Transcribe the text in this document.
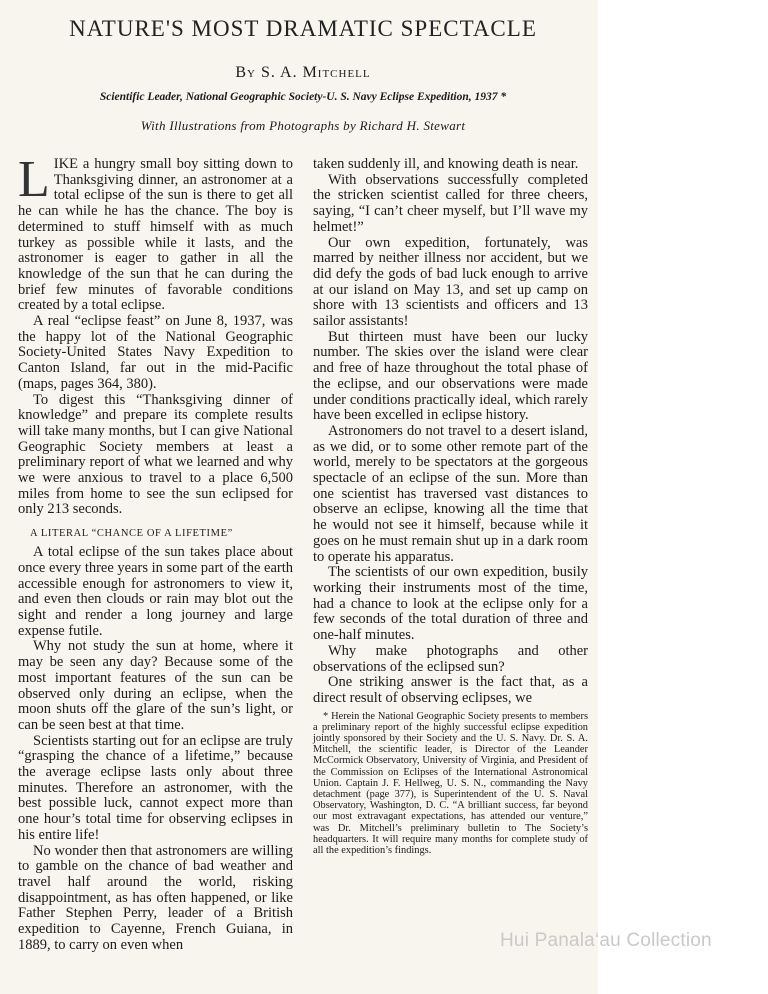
NATURE'S MOST DRAMATIC SPECTACLE
By S. A. Mitchell
Scientific Leader, National Geographic Society-U. S. Navy Eclipse Expedition, 1937 *
With Illustrations from Photographs by Richard H. Stewart

LIKE a hungry small boy sitting down to Thanksgiving dinner, an astronomer at a total eclipse of the sun is there to get all he can while he has the chance. The boy is determined to stuff himself with as much turkey as possible while it lasts, and the astronomer is eager to gather in all the knowledge of the sun that he can during the brief few minutes of favorable conditions created by a total eclipse.

A real “eclipse feast” on June 8, 1937, was the happy lot of the National Geographic Society-United States Navy Expedition to Canton Island, far out in the mid-Pacific (maps, pages 364, 380).

To digest this “Thanksgiving dinner of knowledge” and prepare its complete results will take many months, but I can give National Geographic Society members at least a preliminary report of what we learned and why we were anxious to travel to a place 6,500 miles from home to see the sun eclipsed for only 213 seconds.

A LITERAL “CHANCE OF A LIFETIME”

A total eclipse of the sun takes place about once every three years in some part of the earth accessible enough for astronomers to view it, and even then clouds or rain may blot out the sight and render a long journey and large expense futile.

Why not study the sun at home, where it may be seen any day? Because some of the most important features of the sun can be observed only during an eclipse, when the moon shuts off the glare of the sun’s light, or can be seen best at that time.

Scientists starting out for an eclipse are truly “grasping the chance of a lifetime,” because the average eclipse lasts only about three minutes. Therefore an astronomer, with the best possible luck, cannot expect more than one hour’s total time for observing eclipses in his entire life!

No wonder then that astronomers are willing to gamble on the chance of bad weather and travel half around the world, risking disappointment, as has often happened, or like Father Stephen Perry, leader of a British expedition to Cayenne, French Guiana, in 1889, to carry on even when

taken suddenly ill, and knowing death is near.

With observations successfully completed the stricken scientist called for three cheers, saying, “I can’t cheer myself, but I’ll wave my helmet!”

Our own expedition, fortunately, was marred by neither illness nor accident, but we did defy the gods of bad luck enough to arrive at our island on May 13, and set up camp on shore with 13 scientists and officers and 13 sailor assistants!

But thirteen must have been our lucky number. The skies over the island were clear and free of haze throughout the total phase of the eclipse, and our observations were made under conditions practically ideal, which rarely have been excelled in eclipse history.

Astronomers do not travel to a desert island, as we did, or to some other remote part of the world, merely to be spectators at the gorgeous spectacle of an eclipse of the sun. More than one scientist has traversed vast distances to observe an eclipse, knowing all the time that he would not see it himself, because while it goes on he must remain shut up in a dark room to operate his apparatus.

The scientists of our own expedition, busily working their instruments most of the time, had a chance to look at the eclipse only for a few seconds of the total duration of three and one-half minutes.

Why make photographs and other observations of the eclipsed sun?

One striking answer is the fact that, as a direct result of observing eclipses, we

* Herein the National Geographic Society presents to members a preliminary report of the highly successful eclipse expedition jointly sponsored by their Society and the U. S. Navy. Dr. S. A. Mitchell, the scientific leader, is Director of the Leander McCormick Observatory, University of Virginia, and President of the Commission on Eclipses of the International Astronomical Union. Captain J. F. Hellweg, U. S. N., commanding the Navy detachment (page 377), is Superintendent of the U. S. Naval Observatory, Washington, D. C. “A brilliant success, far beyond our most extravagant expectations, has attended our venture,” was Dr. Mitchell’s preliminary bulletin to The Society’s headquarters. It will require many months for complete study of all the expedition’s findings.
Hui Panala‘au Collection
